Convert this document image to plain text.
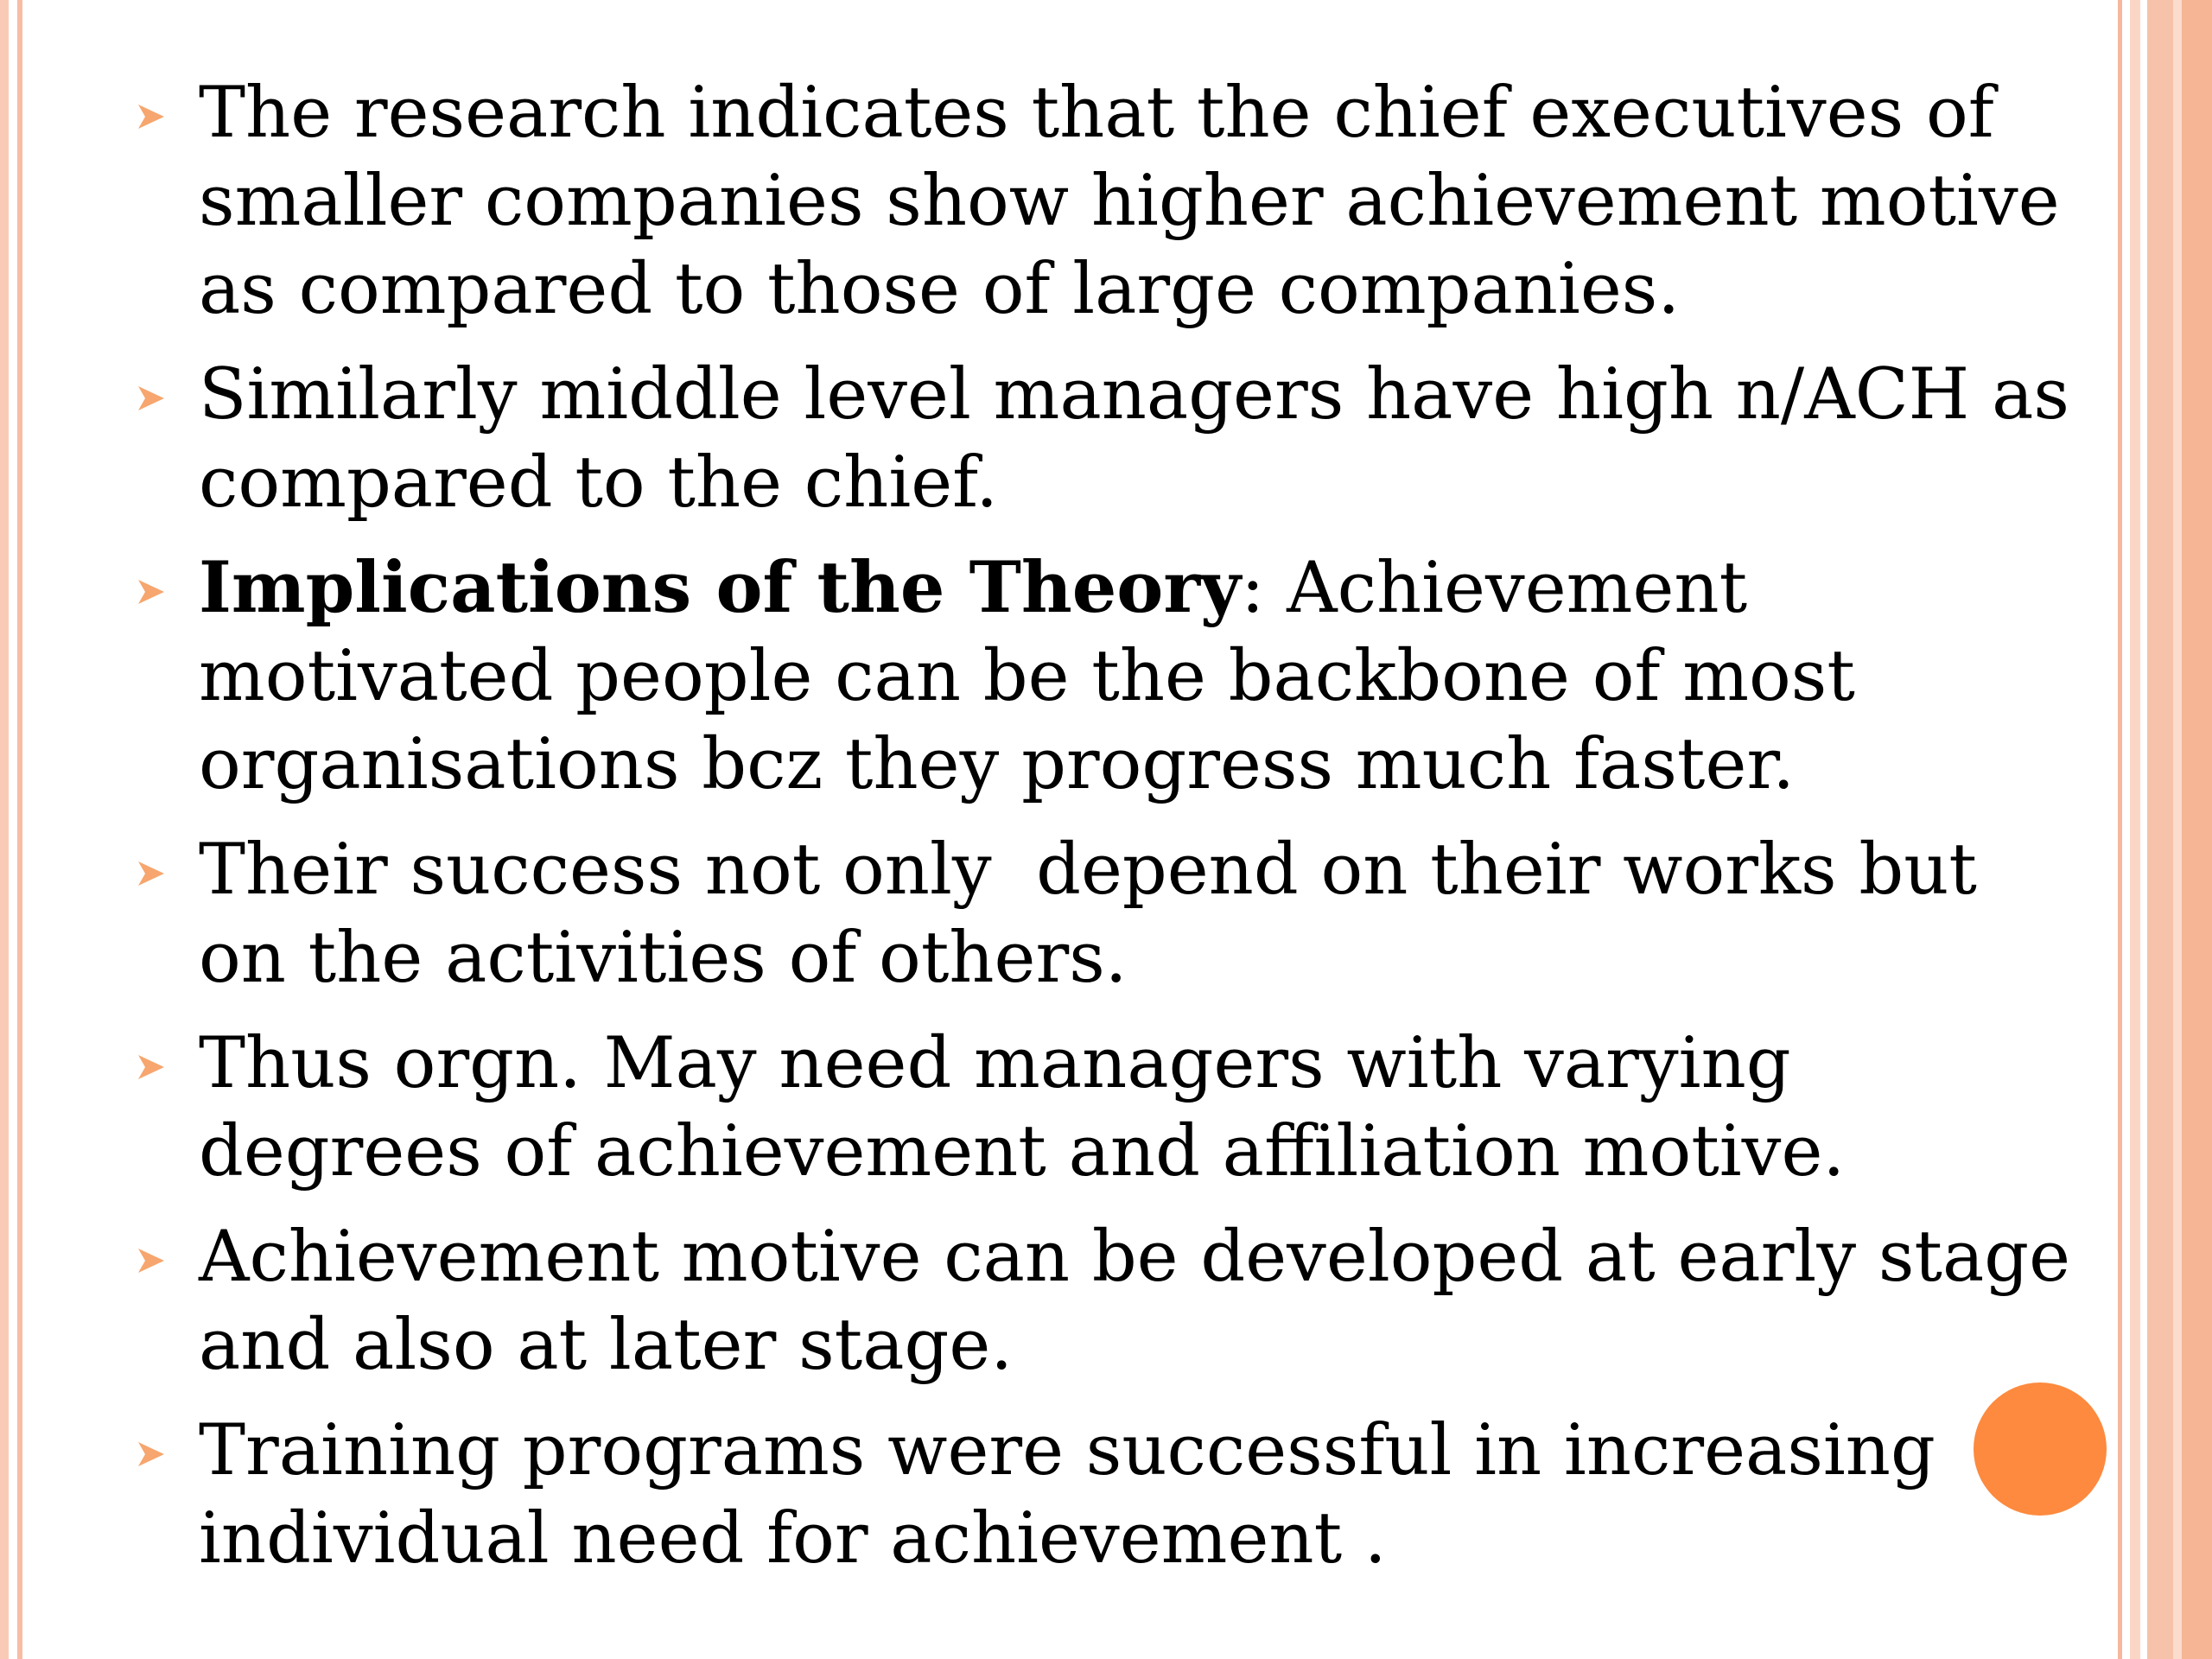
The research indicates that the chief executives of smaller companies show higher achievement motive as compared to those of large companies.
Similarly middle level managers have high n/ACH as compared to the chief.
Implications of the Theory: Achievement motivated people can be the backbone of most organisations bcz they progress much faster.
Their success not only  depend on their works but on the activities of others.
Thus orgn. May need managers with varying degrees of achievement and affiliation motive.
Achievement motive can be developed at early stage and also at later stage.
Training programs were successful in increasing individual need for achievement .
